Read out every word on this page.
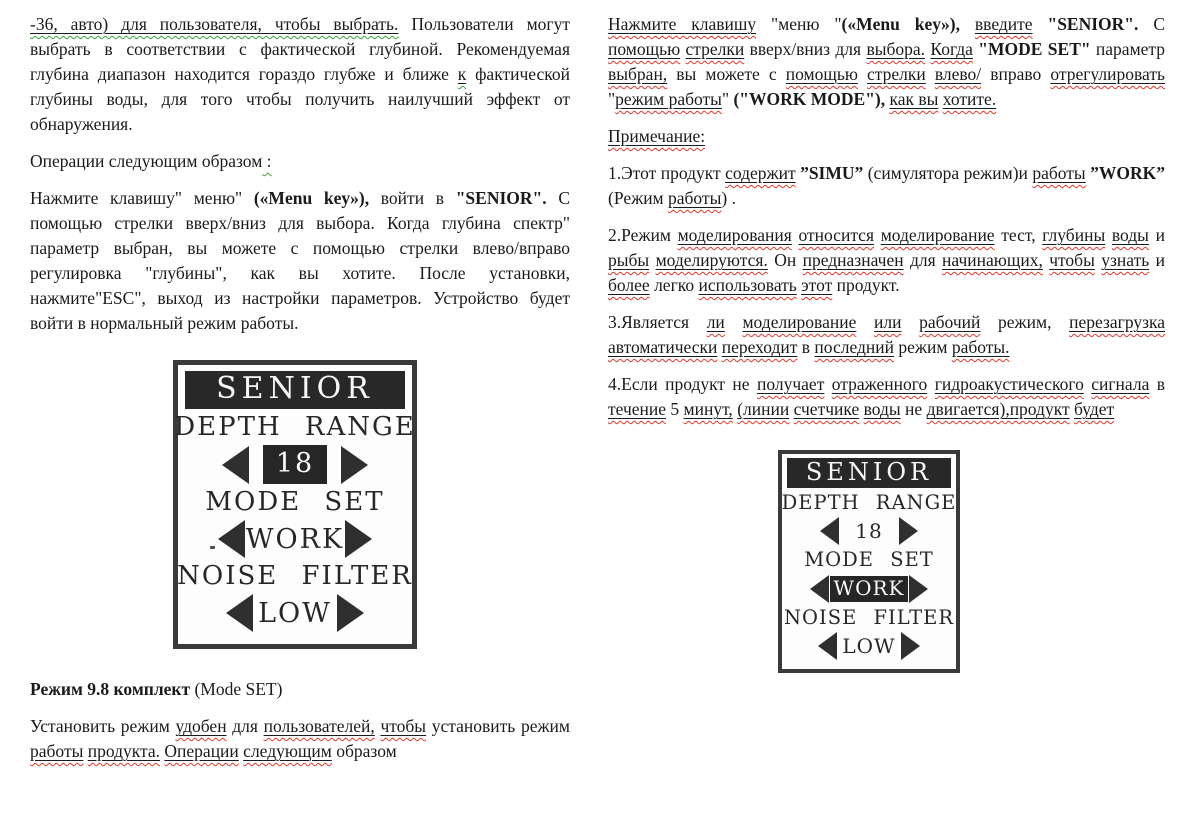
-36, авто) для пользователя, чтобы выбрать. Пользователи могут выбрать в соответствии с фактической глубиной. Рекомендуемая глубина диапазон находится гораздо глубже и ближе к фактической глубины воды, для того чтобы получить наилучший эффект от обнаружения.

Операции следующим образом :

Нажмите клавишу" меню" («Menu key»), войти в "SENIOR". С помощью стрелки вверх/вниз для выбора. Когда глубина спектр" параметр выбран, вы можете с помощью стрелки влево/вправо регулировка "глубины", как вы хотите. После установки, нажмите"ESC", выход из настройки параметров. Устройство будет войти в нормальный режим работы.

SENIOR
DEPTH RANGE
18
MODE SET
WORK
NOISE FILTER
LOW

Режим 9.8 комплект (Mode SET)

Установить режим удобен для пользователей, чтобы установить режим работы продукта. Операции следующим образом

Нажмите клавишу "меню "(«Menu key»), введите "SENIOR". С помощью стрелки вверх/вниз для выбора. Когда "MODE SET" параметр выбран, вы можете с помощью стрелки влево/ вправо отрегулировать "режим работы" ("WORK MODE"), как вы хотите.

Примечание:

1.Этот продукт содержит ”SIMU” (симулятора режим)и работы ”WORK” (Режим работы) .

2.Режим моделирования относится моделирование тест, глубины воды и рыбы моделируются. Он предназначен для начинающих, чтобы узнать и более легко использовать этот продукт.

3.Является ли моделирование или рабочий режим, перезагрузка автоматически переходит в последний режим работы.

4.Если продукт не получает отраженного гидроакустического сигнала в течение 5 минут, (линии счетчике воды не двигается),продукт будет

SENIOR
DEPTH RANGE
18
MODE SET
WORK
NOISE FILTER
LOW
